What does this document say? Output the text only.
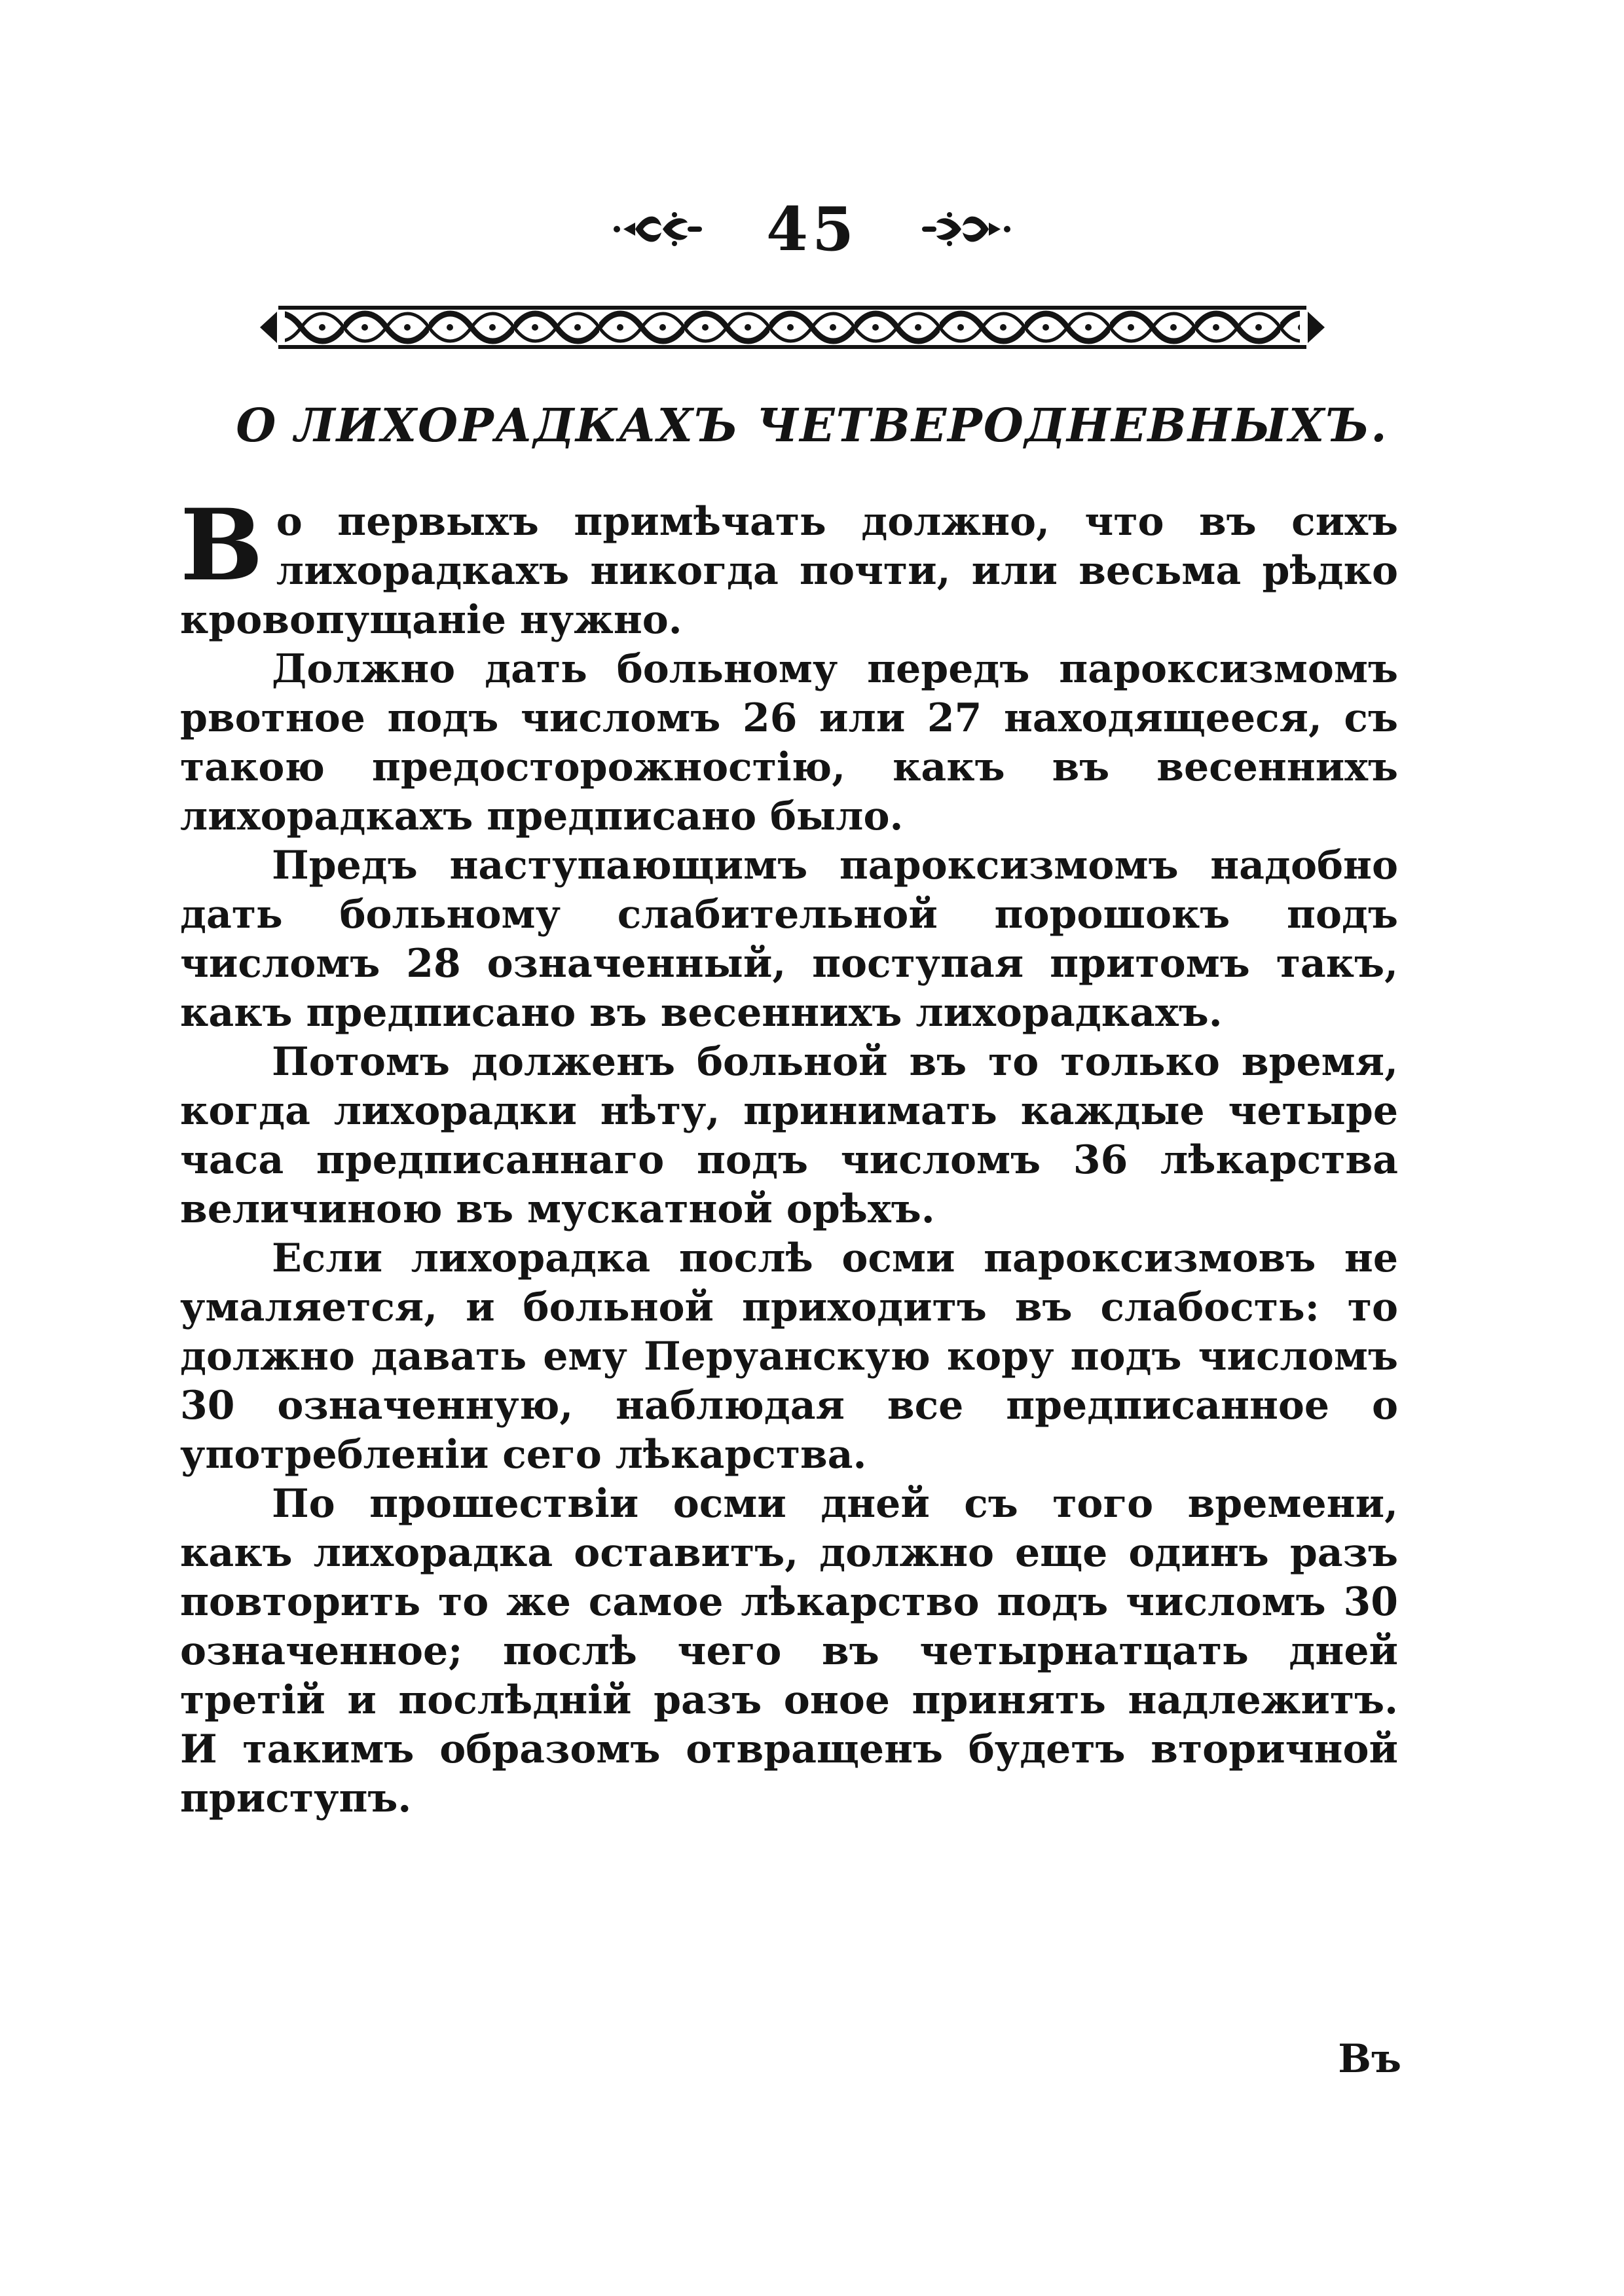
45
О ЛИХОРАДКАХЪ ЧЕТВЕРОДНЕВНЫХЪ.

Во первыхъ примѣчать должно, что въ сихъ лихорадкахъ никогда почти, или весьма рѣдко кровопущаніе нужно.

Должно дать больному передъ пароксизмомъ рвотное подъ числомъ 26 или 27 находящееся, съ такою предосторожностію, какъ въ весеннихъ лихорадкахъ предписано было.

Предъ наступающимъ пароксизмомъ надобно дать больному слабительной порошокъ подъ числомъ 28 означенный, поступая притомъ такъ, какъ предписано въ весеннихъ лихорадкахъ.

Потомъ долженъ больной въ то только время, когда лихорадки нѣту, принимать каждые четыре часа предписаннаго подъ числомъ 36 лѣкарства величиною въ мускатной орѣхъ.

Если лихорадка послѣ осми пароксизмовъ не умаляется, и больной приходитъ въ слабость: то должно давать ему Перуанскую кору подъ числомъ 30 означенную, наблюдая все предписанное о употребленіи сего лѣкарства.

По прошествіи осми дней съ того времени, какъ лихорадка оставитъ, должно еще одинъ разъ повторить то же самое лѣкарство подъ числомъ 30 означенное; послѣ чего въ четырнатцать дней третій и послѣдній разъ оное принять надлежитъ. И такимъ образомъ отвращенъ будетъ вторичной приступъ.

Въ
